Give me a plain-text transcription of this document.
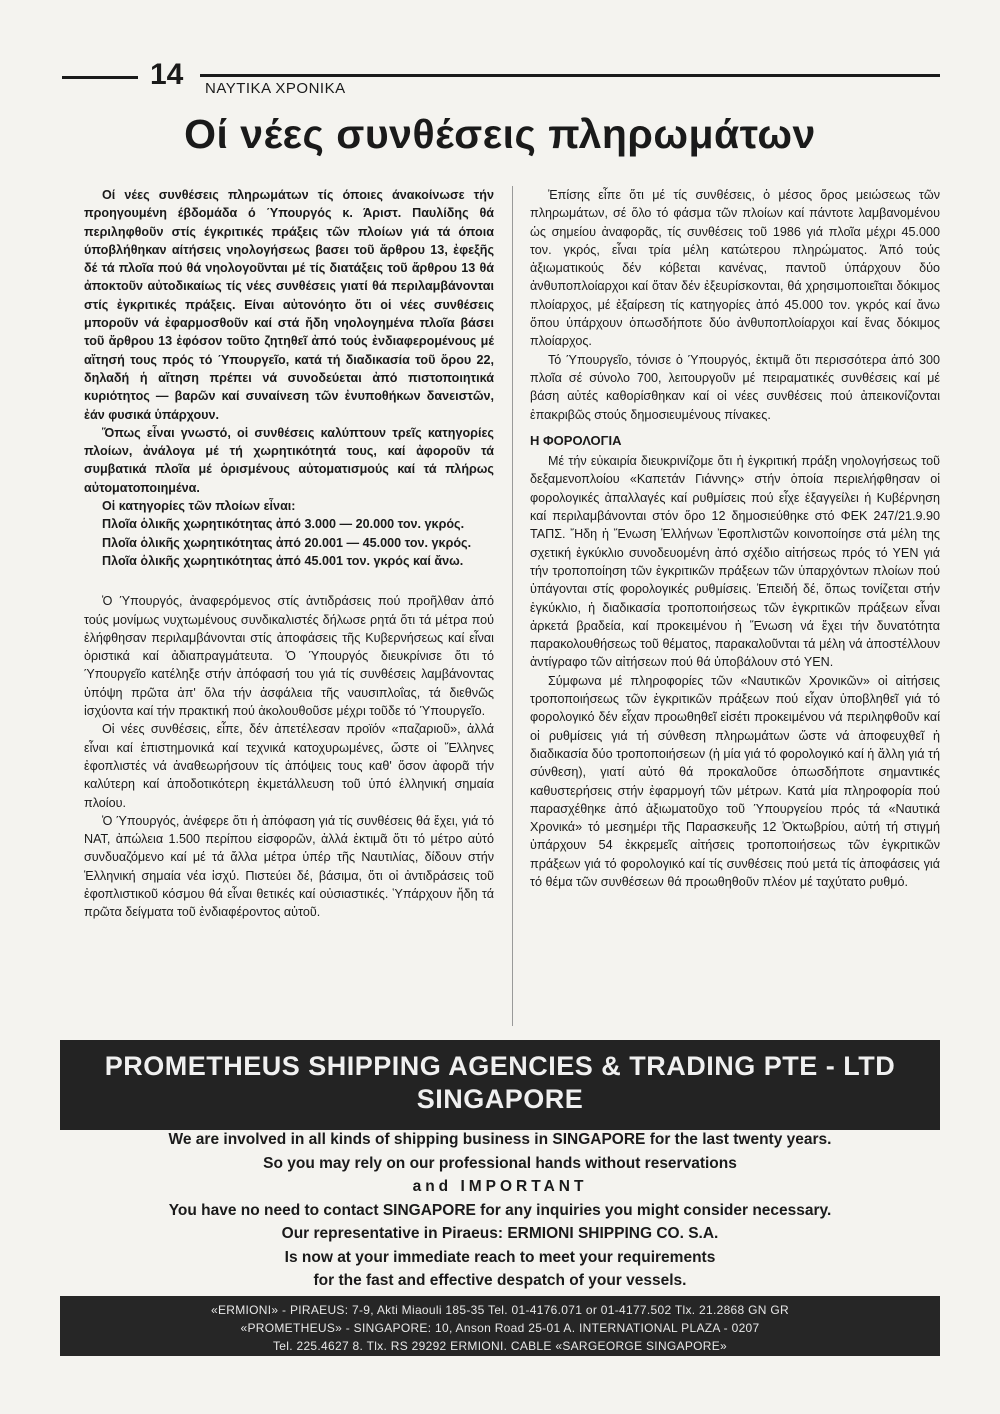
14 ΝΑΥΤΙΚΑ ΧΡΟΝΙΚΑ
Οί νέες συνθέσεις πληρωμάτων

Οί νέες συνθέσεις πληρωμάτων τίς όποιες άνακοίνωσε τήν προηγουμένη έβδομάδα ό Ύπουργός κ. Άριστ. Παυλίδης θά περιληφθοῦν στίς έγκριτικές πράξεις τῶν πλοίων γιά τά όποια ύποβλήθηκαν αίτήσεις νηολογήσεως βασει τοῦ ἄρθρου 13, ἐφεξῆς δέ τά πλοῖα πού θά νηολογοῦνται μέ τίς διατάξεις τοῦ ἄρθρου 13 θά ἀποκτοῦν αὐτοδικαίως τίς νέες συνθέσεις γιατί θά περιλαμβάνονται στίς ἐγκριτικές πράξεις. Είναι αὐτονόητο ὅτι οἱ νέες συνθέσεις μποροῦν νά ἐφαρμοσθοῦν καί στά ἤδη νηολογημένα πλοῖα βάσει τοῦ ἄρθρου 13 ἐφόσον τοῦτο ζητηθεῖ ἀπό τούς ἐνδιαφερομένους μέ αἴτησή τους πρός τό Ύπουργεῖο, κατά τή διαδικασία τοῦ ὅρου 22, δηλαδή ἡ αἴτηση πρέπει νά συνοδεύεται ἀπό πιστοποιητικά κυριότητος — βαρῶν καί συναίνεση τῶν ἐνυποθήκων δανειστῶν, ἐάν φυσικά ὑπάρχουν.

Ὅπως εἶναι γνωστό, οἱ συνθέσεις καλύπτουν τρεῖς κατηγορίες πλοίων, ἀνάλογα μέ τή χωρητικότητά τους, καί ἀφοροῦν τά συμβατικά πλοῖα μέ ὁρισμένους αὐτοματισμούς καί τά πλήρως αὐτοματοποιημένα.

Οἱ κατηγορίες τῶν πλοίων εἶναι:

Πλοῖα ὁλικῆς χωρητικότητας ἀπό 3.000 — 20.000 τον. γκρός.

Πλοῖα ὁλικῆς χωρητικότητας ἀπό 20.001 — 45.000 τον. γκρός.

Πλοῖα ὁλικῆς χωρητικότητας ἀπό 45.001 τον. γκρός καί ἄνω.

Ὁ Ύπουργός, ἀναφερόμενος στίς ἀντιδράσεις πού προῆλθαν ἀπό τούς μονίμως νυχτωμένους συνδικαλιστές δήλωσε ρητά ὅτι τά μέτρα πού ἐλήφθησαν περιλαμβάνονται στίς ἀποφάσεις τῆς Κυβερνήσεως καί εἶναι ὁριστικά καί ἀδιαπραγμάτευτα. Ὁ Ύπουργός διευκρίνισε ὅτι τό Ύπουργεῖο κατέληξε στήν ἀπόφασή του γιά τίς συνθέσεις λαμβάνοντας ὑπόψη πρῶτα ἀπ' ὅλα τήν ἀσφάλεια τῆς ναυσιπλοΐας, τά διεθνῶς ἰσχύοντα καί τήν πρακτική πού ἀκολουθοῦσε μέχρι τοῦδε τό Ύπουργεῖο.

Οἱ νέες συνθέσεις, εἶπε, δέν ἀπετέλεσαν προϊόν «παζαριοῦ», ἀλλά εἶναι καί ἐπιστημονικά καί τεχνικά κατοχυρωμένες, ὥστε οἱ Ἕλληνες ἐφοπλιστές νά ἀναθεωρήσουν τίς ἀπόψεις τους καθ' ὅσον ἀφορᾶ τήν καλύτερη καί ἀποδοτικότερη ἐκμετάλλευση τοῦ ὑπό ἑλληνική σημαία πλοίου.

Ὁ Ύπουργός, ἀνέφερε ὅτι ἡ ἀπόφαση γιά τίς συνθέσεις θά ἔχει, γιά τό ΝΑΤ, ἀπώλεια 1.500 περίπου εἰσφορῶν, ἀλλά ἐκτιμᾶ ὅτι τό μέτρο αὐτό συνδυαζόμενο καί μέ τά ἄλλα μέτρα ὑπέρ τῆς Ναυτιλίας, δίδουν στήν Ἑλληνική σημαία νέα ἰσχύ. Πιστεύει δέ, βάσιμα, ὅτι οἱ ἀντιδράσεις τοῦ ἐφοπλιστικοῦ κόσμου θά εἶναι θετικές καί οὐσιαστικές. Ὑπάρχουν ἤδη τά πρῶτα δείγματα τοῦ ἐνδιαφέροντος αὐτοῦ.

Ἐπίσης εἶπε ὅτι μέ τίς συνθέσεις, ὁ μέσος ὅρος μειώσεως τῶν πληρωμάτων, σέ ὅλο τό φάσμα τῶν πλοίων καί πάντοτε λαμβανομένου ὡς σημείου ἀναφορᾶς, τίς συνθέσεις τοῦ 1986 γιά πλοῖα μέχρι 45.000 τον. γκρός, εἶναι τρία μέλη κατώτερου πληρώματος. Ἀπό τούς ἀξιωματικούς δέν κόβεται κανένας, παντοῦ ὑπάρχουν δύο ἀνθυποπλοίαρχοι καί ὅταν δέν ἐξευρίσκονται, θά χρησιμοποιεῖται δόκιμος πλοίαρχος, μέ ἐξαίρεση τίς κατηγορίες ἀπό 45.000 τον. γκρός καί ἄνω ὅπου ὑπάρχουν ὁπωσδήποτε δύο ἀνθυποπλοίαρχοι καί ἕνας δόκιμος πλοίαρχος.

Τό Ύπουργεῖο, τόνισε ὁ Ύπουργός, ἐκτιμᾶ ὅτι περισσότερα ἀπό 300 πλοῖα σέ σύνολο 700, λειτουργοῦν μέ πειραματικές συνθέσεις καί μέ βάση αὐτές καθορίσθηκαν καί οἱ νέες συνθέσεις πού ἀπεικονίζονται ἐπακριβῶς στούς δημοσιευμένους πίνακες.

Η ΦΟΡΟΛΟΓΙΑ

Μέ τήν εὐκαιρία διευκρινίζομε ὅτι ἡ ἐγκριτική πράξη νηολογήσεως τοῦ δεξαμενοπλοίου «Καπετάν Γιάννης» στήν ὁποία περιελήφθησαν οἱ φορολογικές ἀπαλλαγές καί ρυθμίσεις πού εἶχε ἐξαγγείλει ἡ Κυβέρνηση καί περιλαμβάνονται στόν ὅρο 12 δημοσιεύθηκε στό ΦΕΚ 247/21.9.90 ΤΑΠΣ. Ἤδη ἡ Ἕνωση Ἑλλήνων Ἐφοπλιστῶν κοινοποίησε στά μέλη της σχετική ἐγκύκλιο συνοδευομένη ἀπό σχέδιο αἰτήσεως πρός τό ΥΕΝ γιά τήν τροποποίηση τῶν ἐγκριτικῶν πράξεων τῶν ὑπαρχόντων πλοίων πού ὑπάγονται στίς φορολογικές ρυθμίσεις. Ἐπειδή δέ, ὅπως τονίζεται στήν ἐγκύκλιο, ἡ διαδικασία τροποποιήσεως τῶν ἐγκριτικῶν πράξεων εἶναι ἀρκετά βραδεία, καί προκειμένου ἡ Ἕνωση νά ἔχει τήν δυνατότητα παρακολουθήσεως τοῦ θέματος, παρακαλοῦνται τά μέλη νά ἀποστέλλουν ἀντίγραφο τῶν αἰτήσεων πού θά ὑποβάλουν στό ΥΕΝ.

Σύμφωνα μέ πληροφορίες τῶν «Ναυτικῶν Χρονικῶν» οἱ αἰτήσεις τροποποιήσεως τῶν ἐγκριτικῶν πράξεων πού εἶχαν ὑποβληθεῖ γιά τό φορολογικό δέν εἶχαν προωθηθεῖ εἰσέτι προκειμένου νά περιληφθοῦν καί οἱ ρυθμίσεις γιά τή σύνθεση πληρωμάτων ὥστε νά ἀποφευχθεῖ ἡ διαδικασία δύο τροποποιήσεων (ἡ μία γιά τό φορολογικό καί ἡ ἄλλη γιά τή σύνθεση), γιατί αὐτό θά προκαλοῦσε ὁπωσδήποτε σημαντικές καθυστερήσεις στήν ἐφαρμογή τῶν μέτρων. Κατά μία πληροφορία πού παρασχέθηκε ἀπό ἀξιωματοῦχο τοῦ Ύπουργείου πρός τά «Ναυτικά Χρονικά» τό μεσημέρι τῆς Παρασκευῆς 12 Ὀκτωβρίου, αὐτή τή στιγμή ὑπάρχουν 54 ἐκκρεμεῖς αἰτήσεις τροποποιήσεως τῶν ἐγκριτικῶν πράξεων γιά τό φορολογικό καί τίς συνθέσεις πού μετά τίς ἀποφάσεις γιά τό θέμα τῶν συνθέσεων θά προωθηθοῦν πλέον μέ ταχύτατο ρυθμό.

PROMETHEUS SHIPPING AGENCIES & TRADING PTE - LTD
SINGAPORE
We are involved in all kinds of shipping business in SINGAPORE for the last twenty years.
So you may rely on our professional hands without reservations
and IMPORTANT
You have no need to contact SINGAPORE for any inquiries you might consider necessary.
Our representative in Piraeus: ERMIONI SHIPPING CO. S.A.
Is now at your immediate reach to meet your requirements
for the fast and effective despatch of your vessels.
«ERMIONI» - PIRAEUS: 7-9, Akti Miaouli 185-35 Tel. 01-4176.071 or 01-4177.502 Tlx. 21.2868 GN GR
«PROMETHEUS» - SINGAPORE: 10, Anson Road 25-01 A. INTERNATIONAL PLAZA - 0207
Tel. 225.4627 8. Tlx. RS 29292 ERMIONI. CABLE «SARGEORGE SINGAPORE»
